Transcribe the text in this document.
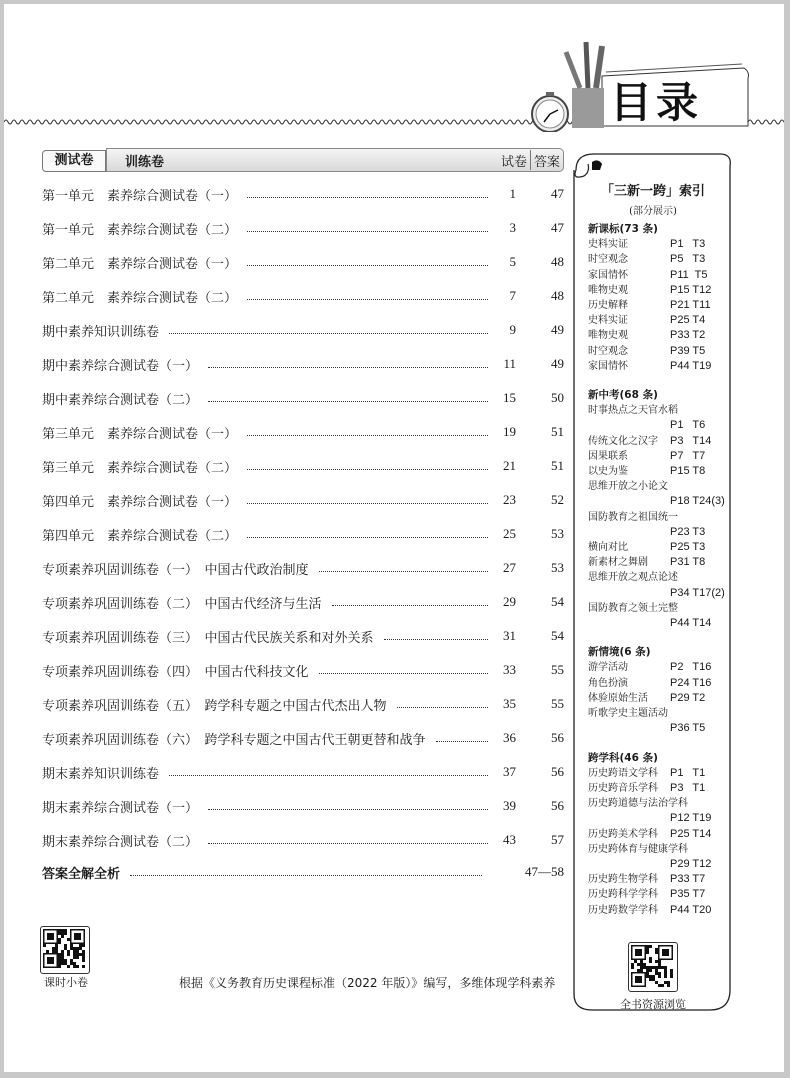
目录
测试卷	训练卷	试卷 答案
第一单元　素养综合测试卷（一）	1	47
第一单元　素养综合测试卷（二）	3	47
第二单元　素养综合测试卷（一）	5	48
第二单元　素养综合测试卷（二）	7	48
期中素养知识训练卷	9	49
期中素养综合测试卷（一）	11	49
期中素养综合测试卷（二）	15	50
第三单元　素养综合测试卷（一）	19	51
第三单元　素养综合测试卷（二）	21	51
第四单元　素养综合测试卷（一）	23	52
第四单元　素养综合测试卷（二）	25	53
专项素养巩固训练卷（一）　中国古代政治制度	27	53
专项素养巩固训练卷（二）　中国古代经济与生活	29	54
专项素养巩固训练卷（三）　中国古代民族关系和对外关系	31	54
专项素养巩固训练卷（四）　中国古代科技文化	33	55
专项素养巩固训练卷（五）　跨学科专题之中国古代杰出人物	35	55
专项素养巩固训练卷（六）　跨学科专题之中国古代王朝更替和战争	36	56
期末素养知识训练卷	37	56
期末素养综合测试卷（一）	39	56
期末素养综合测试卷（二）	43	57
答案全解全析	47—58
「三新一跨」索引
(部分展示)
新课标(73 条)
史料实证	P1   T3
时空观念	P5   T3
家国情怀	P11  T5
唯物史观	P15 T12
历史解释	P21 T11
史料实证	P25 T4
唯物史观	P33 T2
时空观念	P39 T5
家国情怀	P44 T19
新中考(68 条)
时事热点之天官水稻
P1   T6
传统文化之汉字	P3   T14
因果联系	P7   T7
以史为鉴	P15 T8
思维开放之小论文
P18 T24(3)
国防教育之祖国统一
P23 T3
横向对比	P25 T3
新素材之舞剧	P31 T8
思维开放之观点论述
P34 T17(2)
国防教育之领土完整
P44 T14
新情境(6 条)
游学活动	P2   T16
角色扮演	P24 T16
体验原始生活	P29 T2
听歌学史主题活动
P36 T5
跨学科(46 条)
历史跨语文学科	P1   T1
历史跨音乐学科	P3   T1
历史跨道德与法治学科
P12 T19
历史跨美术学科	P25 T14
历史跨体育与健康学科
P29 T12
历史跨生物学科	P33 T7
历史跨科学学科	P35 T7
历史跨数学学科	P44 T20
全书资源浏览
课时小卷	根据《义务教育历史课程标准（2022 年版）》编写，多维体现学科素养
